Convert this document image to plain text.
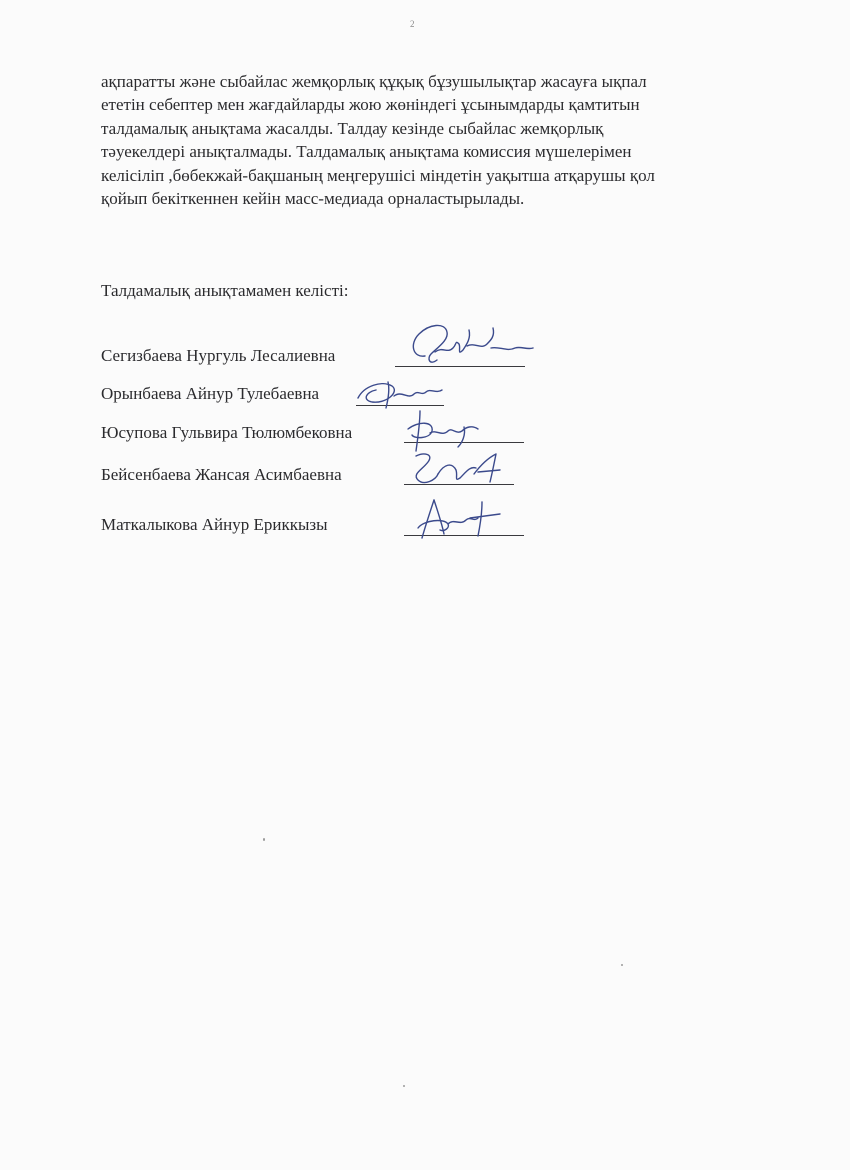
2

ақпаратты және сыбайлас жемқорлық құқық бұзушылықтар жасауға ықпал
ететін себептер мен жағдайларды жою жөніндегі ұсынымдарды қамтитын
талдамалық анықтама жасалды. Талдау кезінде сыбайлас жемқорлық
тәуекелдері анықталмады. Талдамалық анықтама комиссия мүшелерімен
келісіліп ,бөбекжай-бақшаның меңгерушісі міндетін уақытша атқарушы қол
қойып бекіткеннен кейін масс-медиада орналастырылады.

Талдамалық анықтамамен келісті:

Сегизбаева Нургуль Лесалиевна
Орынбаева Айнур Тулебаевна
Юсупова Гульвира Тюлюмбековна
Бейсенбаева Жансая Асимбаевна
Маткалыкова Айнур Ериккызы
